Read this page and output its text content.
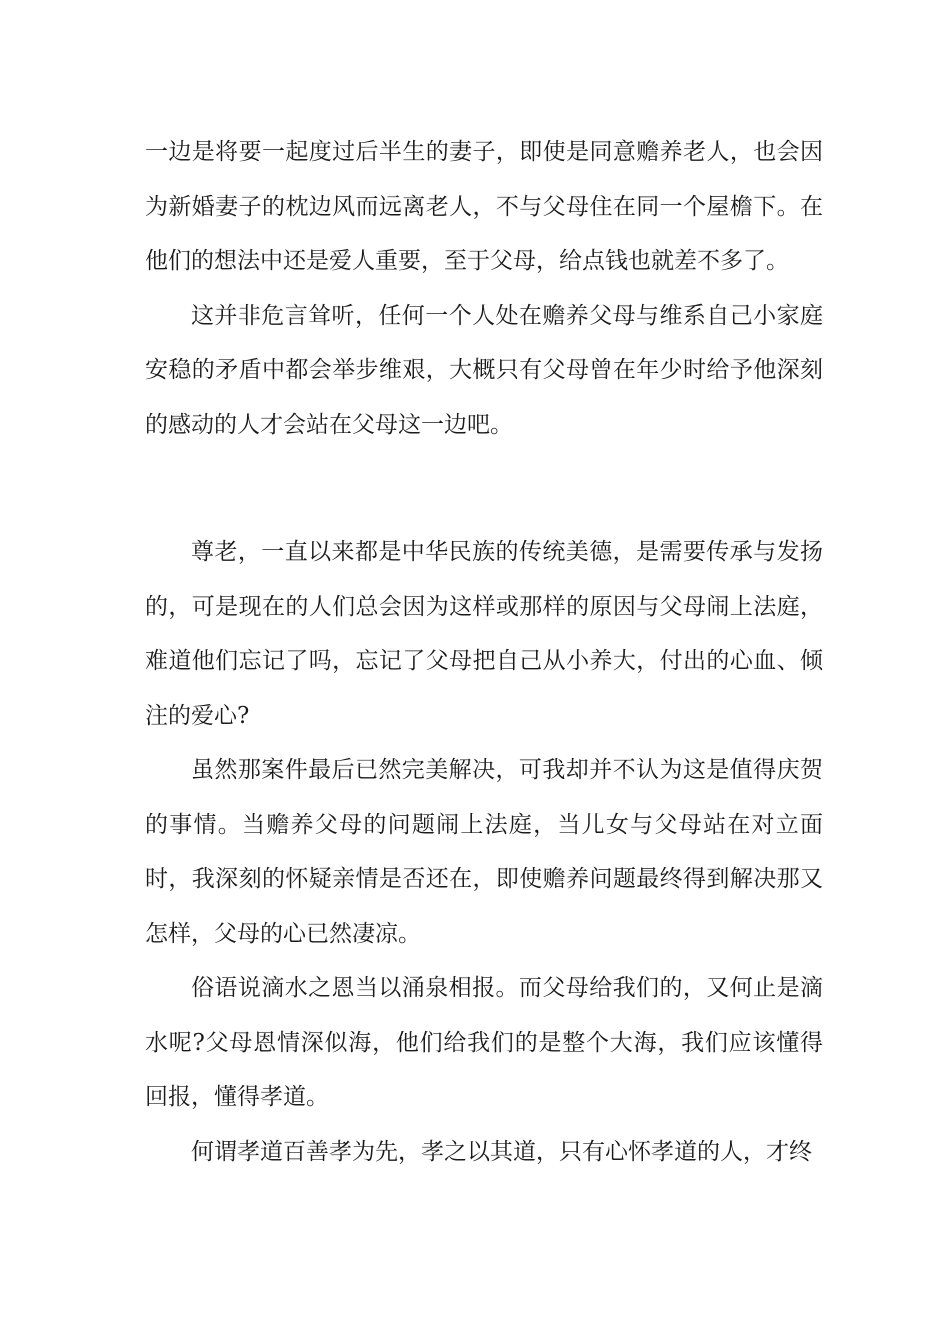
一边是将要一起度过后半生的妻子，即使是同意赡养老人，也会因为新婚妻子的枕边风而远离老人，不与父母住在同一个屋檐下。在他们的想法中还是爱人重要，至于父母，给点钱也就差不多了。

这并非危言耸听，任何一个人处在赡养父母与维系自己小家庭安稳的矛盾中都会举步维艰，大概只有父母曾在年少时给予他深刻的感动的人才会站在父母这一边吧。

尊老，一直以来都是中华民族的传统美德，是需要传承与发扬的，可是现在的人们总会因为这样或那样的原因与父母闹上法庭，难道他们忘记了吗，忘记了父母把自己从小养大，付出的心血、倾注的爱心?

虽然那案件最后已然完美解决，可我却并不认为这是值得庆贺的事情。当赡养父母的问题闹上法庭，当儿女与父母站在对立面时，我深刻的怀疑亲情是否还在，即使赡养问题最终得到解决那又怎样，父母的心已然凄凉。

俗语说滴水之恩当以涌泉相报。而父母给我们的，又何止是滴水呢?父母恩情深似海，他们给我们的是整个大海，我们应该懂得回报，懂得孝道。

何谓孝道百善孝为先，孝之以其道，只有心怀孝道的人，才终
